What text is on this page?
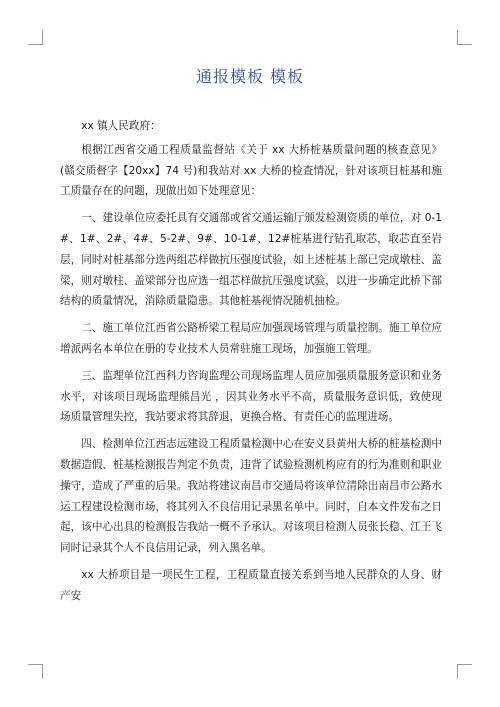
通报模板 模板

xx 镇人民政府：

根据江西省交通工程质量监督站《关于 xx 大桥桩基质量问题的核查意见》(赣交质督字【20xx】74 号)和我站对 xx 大桥的检查情况，针对该项目桩基和施工质量存在的问题，现做出如下处理意见：

一、建设单位应委托具有交通部或省交通运输厅颁发检测资质的单位，对 0-1#、1#、2#、4#、5-2#、9#、10-1#、12#桩基进行钻孔取芯，取芯直至岩层，同时对桩基部分选两组芯样做抗压强度试验，如上述桩基上部已完成墩柱、盖梁，则对墩柱、盖梁部分也应选一组芯样做抗压强度试验，以进一步确定此桥下部结构的质量情况，消除质量隐患。其他桩基视情况随机抽检。

二、施工单位江西省公路桥梁工程局应加强现场管理与质量控制。施工单位应增派两名本单位在册的专业技术人员常驻施工现场，加强施工管理。

三、监理单位江西科力咨询监理公司现场监理人员应加强质量服务意识和业务水平，对该项目现场监理熊昌光 ，因其业务水平不高，质量服务意识低，致使现场质量管理失控，我站要求将其辞退，更换合格、有责任心的监理进场。

四、检测单位江西志远建设工程质量检测中心在安义县黄州大桥的桩基检测中数据造假、桩基检测报告判定不负责，违背了试验检测机构应有的行为准则和职业操守，造成了严重的后果。我站将建议南昌市交通局将该单位清除出南昌市公路水运工程建设检测市场，将其列入不良信用记录黑名单中。同时，自本文件发布之日起，该中心出具的检测报告我站一概不予承认。对该项目检测人员张长稳、江王飞同时记录其个人不良信用记录，列入黑名单。

xx 大桥项目是一项民生工程，工程质量直接关系到当地人民群众的人身、财产安
